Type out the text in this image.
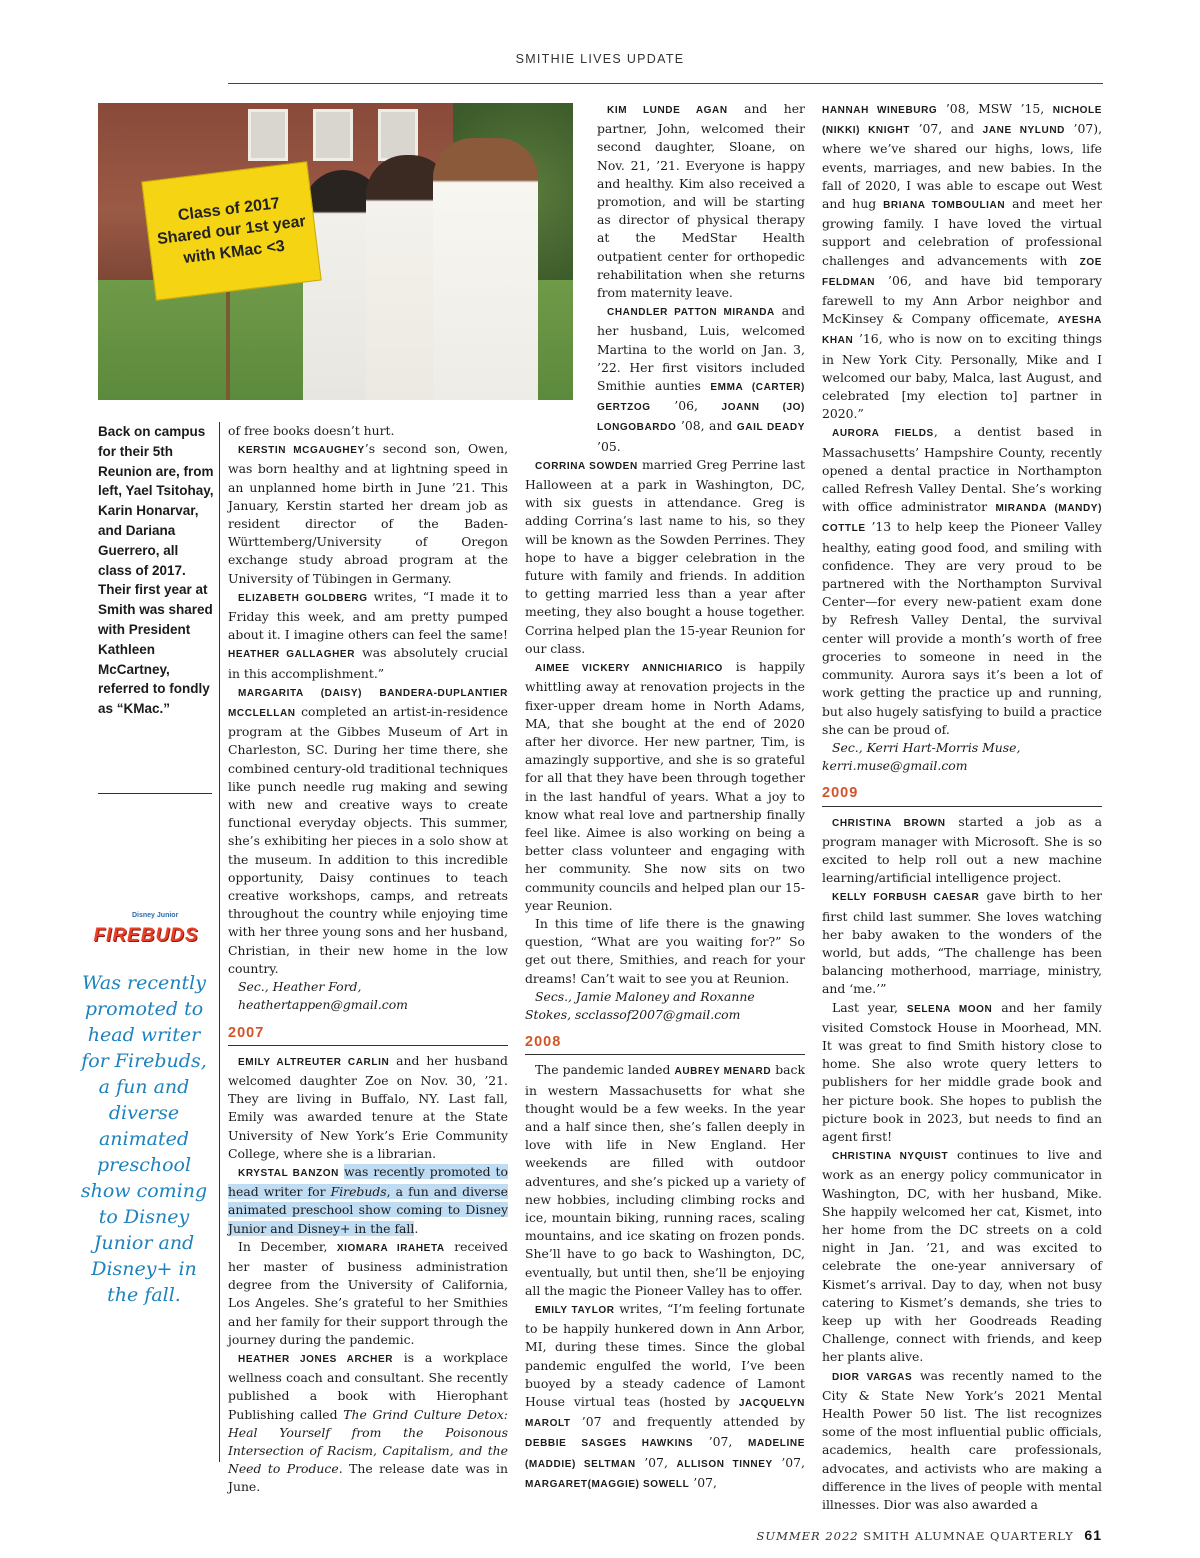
SMITHIE LIVES UPDATE
Class of 2017
Shared our 1st year
with KMac <3
Back on campus for their 5th Reunion are, from left, Yael Tsitohay, Karin Honarvar, and Dariana Guerrero, all class of 2017. Their first year at Smith was shared with President Kathleen McCartney, referred to fondly as “KMac.”
Disney Junior
FIREBUDS
Was recently promoted to head writer for Firebuds, a fun and diverse animated preschool show coming to Disney Junior and Disney+ in the fall.

of free books doesn’t hurt.

KERSTIN MCGAUGHEY’s second son, Owen, was born healthy and at lightning speed in an unplanned home birth in June ’21. This January, Kerstin started her dream job as resident director of the Baden-Württemberg/University of Oregon exchange study abroad program at the University of Tübingen in Germany.

ELIZABETH GOLDBERG writes, “I made it to Friday this week, and am pretty pumped about it. I imagine others can feel the same! HEATHER GALLAGHER was absolutely crucial in this accomplishment.”

MARGARITA (DAISY) BANDERA-DUPLANTIER MCCLELLAN completed an artist-in-residence program at the Gibbes Museum of Art in Charleston, SC. During her time there, she combined century-old traditional techniques like punch needle rug making and sewing with new and creative ways to create functional everyday objects. This summer, she’s exhibiting her pieces in a solo show at the museum. In addition to this incredible opportunity, Daisy continues to teach creative workshops, camps, and retreats throughout the country while enjoying time with her three young sons and her husband, Christian, in their new home in the low country.

Sec., Heather Ford,

heathertappen@gmail.com

2007

EMILY ALTREUTER CARLIN and her husband welcomed daughter Zoe on Nov. 30, ’21. They are living in Buffalo, NY. Last fall, Emily was awarded tenure at the State University of New York’s Erie Community College, where she is a librarian.

KRYSTAL BANZON was recently promoted to head writer for Firebuds, a fun and diverse animated preschool show coming to Disney Junior and Disney+ in the fall.

In December, XIOMARA IRAHETA received her master of business administration degree from the University of California, Los Angeles. She’s grateful to her Smithies and her family for their support through the journey during the pandemic.

HEATHER JONES ARCHER is a workplace wellness coach and consultant. She recently published a book with Hierophant Publishing called The Grind Culture Detox: Heal Yourself from the Poisonous Intersection of Racism, Capitalism, and the Need to Produce. The release date was in June.

KIM LUNDE AGAN and her partner, John, welcomed their second daughter, Sloane, on Nov. 21, ’21. Everyone is happy and healthy. Kim also received a promotion, and will be starting as director of physical therapy at the MedStar Health outpatient center for orthopedic rehabilitation when she returns from maternity leave.

CHANDLER PATTON MIRANDA and her husband, Luis, welcomed Martina to the world on Jan. 3, ’22. Her first visitors included Smithie aunties EMMA (CARTER) GERTZOG ’06, JOANN (JO) LONGOBARDO ’08, and GAIL DEADY ’05.

CORRINA SOWDEN married Greg Perrine last Halloween at a park in Washington, DC, with six guests in attendance. Greg is adding Corrina’s last name to his, so they will be known as the Sowden Perrines. They hope to have a bigger celebration in the future with family and friends. In addition to getting married less than a year after meeting, they also bought a house together. Corrina helped plan the 15-year Reunion for our class.

AIMEE VICKERY ANNICHIARICO is happily whittling away at renovation projects in the fixer-upper dream home in North Adams, MA, that she bought at the end of 2020 after her divorce. Her new partner, Tim, is amazingly supportive, and she is so grateful for all that they have been through together in the last handful of years. What a joy to know what real love and partnership finally feel like. Aimee is also working on being a better class volunteer and engaging with her community. She now sits on two community councils and helped plan our 15-year Reunion.

In this time of life there is the gnawing question, “What are you waiting for?” So get out there, Smithies, and reach for your dreams! Can’t wait to see you at Reunion.

Secs., Jamie Maloney and Roxanne

Stokes, scclassof2007@gmail.com

2008

The pandemic landed AUBREY MENARD back in western Massachusetts for what she thought would be a few weeks. In the year and a half since then, she’s fallen deeply in love with life in New England. Her weekends are filled with outdoor adventures, and she’s picked up a variety of new hobbies, including climbing rocks and ice, mountain biking, running races, scaling mountains, and ice skating on frozen ponds. She’ll have to go back to Washington, DC, eventually, but until then, she’ll be enjoying all the magic the Pioneer Valley has to offer.

EMILY TAYLOR writes, “I’m feeling fortunate to be happily hunkered down in Ann Arbor, MI, during these times. Since the global pandemic engulfed the world, I’ve been buoyed by a steady cadence of Lamont House virtual teas (hosted by JACQUELYN MAROLT ’07 and frequently attended by DEBBIE SASGES HAWKINS ’07, MADELINE (MADDIE) SELTMAN ’07, ALLISON TINNEY ’07, MARGARET(MAGGIE) SOWELL ’07,

HANNAH WINEBURG ’08, MSW ’15, NICHOLE (NIKKI) KNIGHT ’07, and JANE NYLUND ’07), where we’ve shared our highs, lows, life events, marriages, and new babies. In the fall of 2020, I was able to escape out West and hug BRIANA TOMBOULIAN and meet her growing family. I have loved the virtual support and celebration of professional challenges and advancements with ZOE FELDMAN ’06, and have bid temporary farewell to my Ann Arbor neighbor and McKinsey & Company officemate, AYESHA KHAN ’16, who is now on to exciting things in New York City. Personally, Mike and I welcomed our baby, Malca, last August, and celebrated [my election to] partner in 2020.”

AURORA FIELDS, a dentist based in Massachusetts’ Hampshire County, recently opened a dental practice in Northampton called Refresh Valley Dental. She’s working with office administrator MIRANDA (MANDY) COTTLE ’13 to help keep the Pioneer Valley healthy, eating good food, and smiling with confidence. They are very proud to be partnered with the Northampton Survival Center—for every new-patient exam done by Refresh Valley Dental, the survival center will provide a month’s worth of free groceries to someone in need in the community. Aurora says it’s been a lot of work getting the practice up and running, but also hugely satisfying to build a practice she can be proud of.

Sec., Kerri Hart-Morris Muse,

kerri.muse@gmail.com

2009

CHRISTINA BROWN started a job as a program manager with Microsoft. She is so excited to help roll out a new machine learning/artificial intelligence project.

KELLY FORBUSH CAESAR gave birth to her first child last summer. She loves watching her baby awaken to the wonders of the world, but adds, “The challenge has been balancing motherhood, marriage, ministry, and ‘me.’”

Last year, SELENA MOON and her family visited Comstock House in Moorhead, MN. It was great to find Smith history close to home. She also wrote query letters to publishers for her middle grade book and her picture book. She hopes to publish the picture book in 2023, but needs to find an agent first!

CHRISTINA NYQUIST continues to live and work as an energy policy communicator in Washington, DC, with her husband, Mike. She happily welcomed her cat, Kismet, into her home from the DC streets on a cold night in Jan. ’21, and was excited to celebrate the one-year anniversary of Kismet’s arrival. Day to day, when not busy catering to Kismet’s demands, she tries to keep up with her Goodreads Reading Challenge, connect with friends, and keep her plants alive.

DIOR VARGAS was recently named to the City & State New York’s 2021 Mental Health Power 50 list. The list recognizes some of the most influential public officials, academics, health care professionals, advocates, and activists who are making a difference in the lives of people with mental illnesses. Dior was also awarded a

SUMMER 2022 SMITH ALUMNAE QUARTERLY 61
